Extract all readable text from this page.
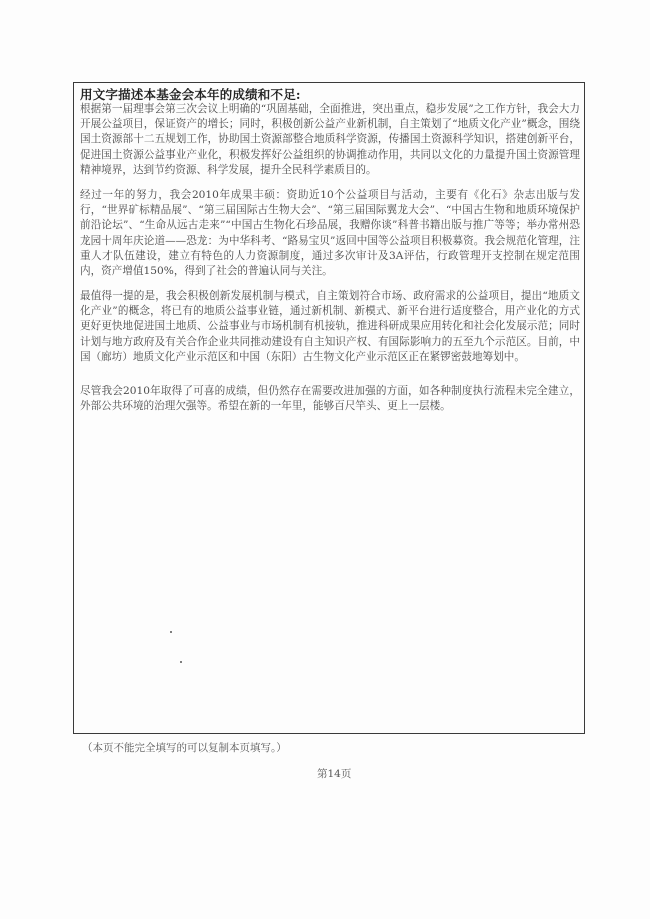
用文字描述本基金会本年的成绩和不足:

根据第一届理事会第三次会议上明确的“巩固基础，全面推进，突出重点，稳步发展”之工作方针，我会大力开展公益项目，保证资产的增长；同时，积极创新公益产业新机制，自主策划了“地质文化产业”概念，围绕国土资源部十二五规划工作，协助国土资源部整合地质科学资源，传播国土资源科学知识，搭建创新平台，促进国土资源公益事业产业化，积极发挥好公益组织的协调推动作用，共同以文化的力量提升国土资源管理精神境界，达到节约资源、科学发展，提升全民科学素质目的。

经过一年的努力，我会2010年成果丰硕：资助近10个公益项目与活动，主要有《化石》杂志出版与发行，“世界矿标精品展”、“第三届国际古生物大会”、“第三届国际翼龙大会”、“中国古生物和地质环境保护前沿论坛”、“生命从远古走来”“中国古生物化石珍品展，我赠你谈”科普书籍出版与推广等等；举办常州恐龙园十周年庆论道——恐龙：为中华科考、“路易宝贝”返回中国等公益项目积极募资。我会规范化管理，注重人才队伍建设，建立有特色的人力资源制度，通过多次审计及3A评估，行政管理开支控制在规定范围内，资产增值150%，得到了社会的普遍认同与关注。

最值得一提的是，我会积极创新发展机制与模式，自主策划符合市场、政府需求的公益项目，提出“地质文化产业”的概念，将已有的地质公益事业链，通过新机制、新模式、新平台进行适度整合，用产业化的方式更好更快地促进国土地质、公益事业与市场机制有机接轨，推进科研成果应用转化和社会化发展示范；同时计划与地方政府及有关合作企业共同推动建设有自主知识产权、有国际影响力的五至九个示范区。目前，中国（廊坊）地质文化产业示范区和中国（东阳）古生物文化产业示范区正在紧锣密鼓地筹划中。

尽管我会2010年取得了可喜的成绩，但仍然存在需要改进加强的方面，如各种制度执行流程未完全建立，外部公共环境的治理欠强等。希望在新的一年里，能够百尺竿头、更上一层楼。

（本页不能完全填写的可以复制本页填写。）
第14页
